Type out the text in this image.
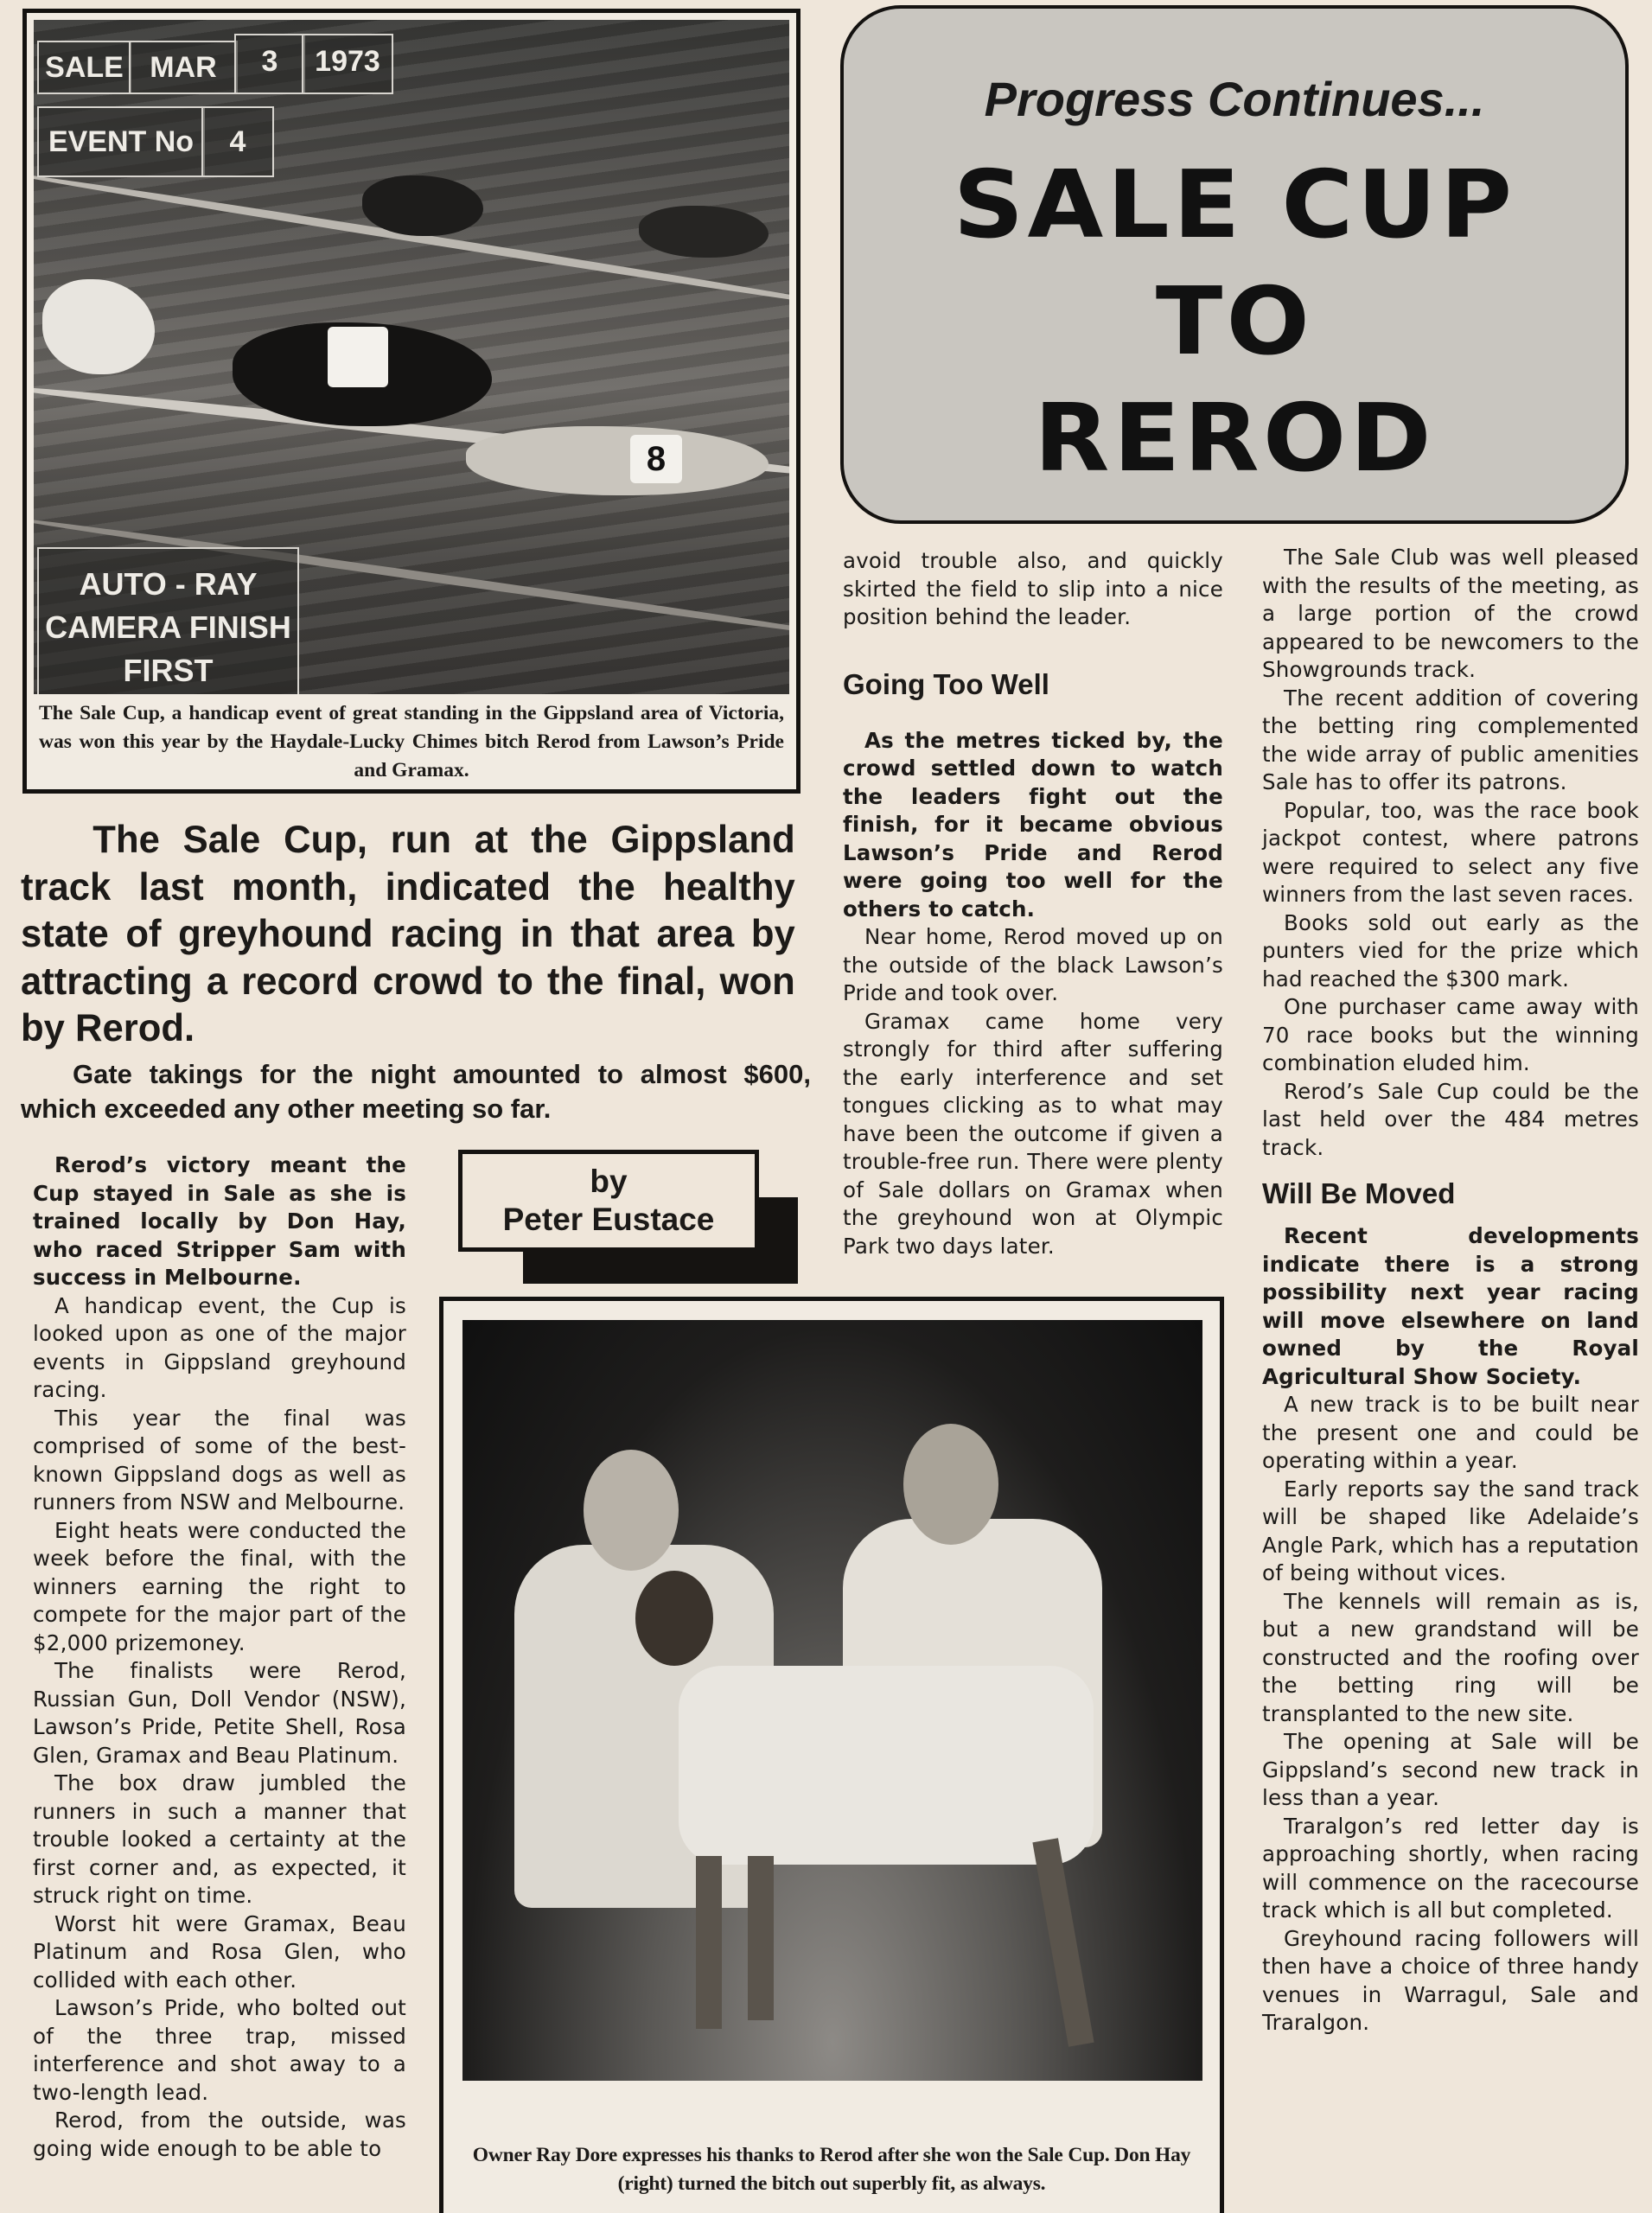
8
SALE MAR	3	1973
EVENT No	4
AUTO - RAY
CAMERA FINISH
FIRST
The Sale Cup, a handicap event of great standing in the Gippsland area of Victoria, was won this year by the Haydale-Lucky Chimes bitch Rerod from Lawson’s Pride and Gramax.
Progress Continues...
SALE CUP
TO
REROD
The Sale Cup, run at the Gippsland track last month, indicated the healthy state of greyhound racing in that area by attracting a record crowd to the final, won by Rerod.
Gate takings for the night amounted to almost $600, which exceeded any other meeting so far.
by
Peter Eustace

Rerod’s victory meant the Cup stayed in Sale as she is trained locally by Don Hay, who raced Stripper Sam with success in Melbourne.

A handicap event, the Cup is looked upon as one of the major events in Gippsland greyhound racing.

This year the final was comprised of some of the best-known Gippsland dogs as well as runners from NSW and Melbourne.

Eight heats were conducted the week before the final, with the winners earning the right to compete for the major part of the $2,000 prizemoney.

The finalists were Rerod, Russian Gun, Doll Vendor (NSW), Lawson’s Pride, Petite Shell, Rosa Glen, Gramax and Beau Platinum.

The box draw jumbled the runners in such a manner that trouble looked a certainty at the first corner and, as expected, it struck right on time.

Worst hit were Gramax, Beau Platinum and Rosa Glen, who collided with each other.

Lawson’s Pride, who bolted out of the three trap, missed interference and shot away to a two-length lead.

Rerod, from the outside, was going wide enough to be able to

avoid trouble also, and quickly skirted the field to slip into a nice position behind the leader.

Going Too Well

As the metres ticked by, the crowd settled down to watch the leaders fight out the finish, for it became obvious Lawson’s Pride and Rerod were going too well for the others to catch.

Near home, Rerod moved up on the outside of the black Lawson’s Pride and took over.

Gramax came home very strongly for third after suffering the early interference and set tongues clicking as to what may have been the outcome if given a trouble-free run. There were plenty of Sale dollars on Gramax when the greyhound won at Olympic Park two days later.

The Sale Club was well pleased with the results of the meeting, as a large portion of the crowd appeared to be newcomers to the Showgrounds track.

The recent addition of covering the betting ring complemented the wide array of public amenities Sale has to offer its patrons.

Popular, too, was the race book jackpot contest, where patrons were required to select any five winners from the last seven races.

Books sold out early as the punters vied for the prize which had reached the $300 mark.

One purchaser came away with 70 race books but the winning combination eluded him.

Rerod’s Sale Cup could be the last held over the 484 metres track.

Will Be Moved

Recent developments indicate there is a strong possibility next year racing will move elsewhere on land owned by the Royal Agricultural Show Society.

A new track is to be built near the present one and could be operating within a year.

Early reports say the sand track will be shaped like Adelaide’s Angle Park, which has a reputation of being without vices.

The kennels will remain as is, but a new grandstand will be constructed and the roofing over the betting ring will be transplanted to the new site.

The opening at Sale will be Gippsland’s second new track in less than a year.

Traralgon’s red letter day is approaching shortly, when racing will commence on the racecourse track which is all but completed.

Greyhound racing followers will then have a choice of three handy venues in Warragul, Sale and Traralgon.

Owner Ray Dore expresses his thanks to Rerod after she won the Sale Cup. Don Hay (right) turned the bitch out superbly fit, as always.
